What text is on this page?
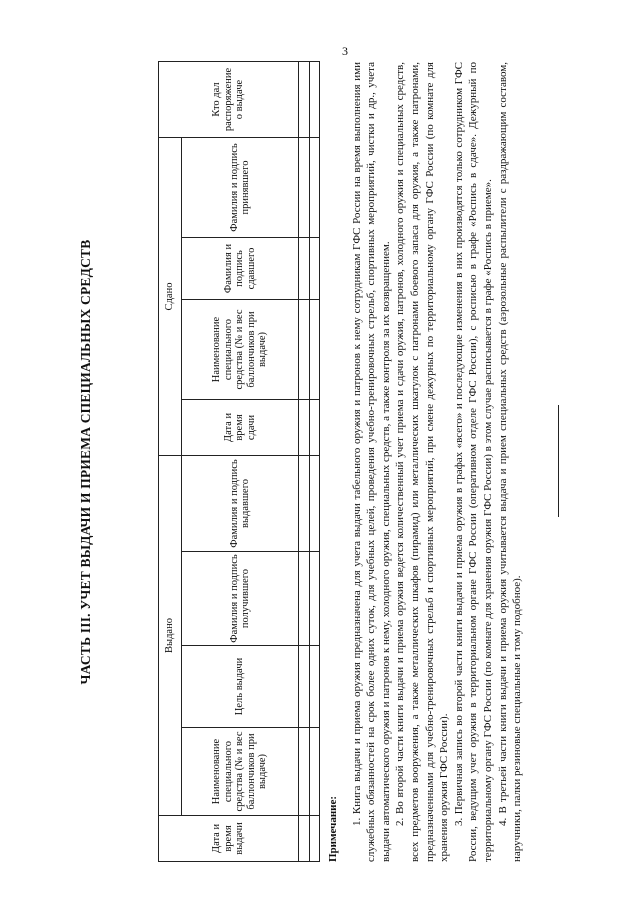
3
ЧАСТЬ III. УЧЕТ ВЫДАЧИ И ПРИЕМА СПЕЦИАЛЬНЫХ СРЕДСТВ
Дата и время выдачи	Выдано				Сдано				Кто дал распоряжение о выдаче
	Наименование специального средства (№ и вес баллончиков при выдаче)	Цель выдачи	Фамилия и подпись получившего	Фамилия и подпись выдавшего	Дата и время сдачи	Наименование специального средства (№ и вес баллончиков при выдаче)	Фамилия и подпись сдавшего	Фамилия и подпись принявшего	

Примечание:

1. Книга выдачи и приема оружия предназначена для учета выдачи табельного оружия и патронов к нему сотрудникам ГФС России на время выполнения ими служебных обязанностей на срок более одних суток, для учебных целей, проведения учебно-тренировочных стрельб, спортивных мероприятий, чистки и др., учета выдачи автоматического оружия и патронов к нему, холодного оружия, специальных средств, а также контроля за их возвращением. 2. Во второй части книги выдачи и приема оружия ведется количественный учет приема и сдачи оружия, патронов, холодного оружия и специальных средств, всех предметов вооружения, а также металлических шкафов (пирамид) или металлических шкатулок с патронами боевого запаса для оружия, а также патронами, предназначенными для учебно-тренировочных стрельб и спортивных мероприятий, при смене дежурных по территориальному органу ГФС России (по комнате для хранения оружия ГФС России). 3. Первичная запись во второй части книги выдачи и приема оружия в графах «всего» и последующие изменения в них производятся только сотрудником ГФС России, ведущим учет оружия в территориальном органе ГФС России (оперативном отделе ГФС России), с росписью в графе «Роспись в сдаче». Дежурный по территориальному органу ГФС России (по комнате для хранения оружия ГФС России) в этом случае расписывается в графе «Роспись в приеме». 4. В третьей части книги выдачи и приема оружия учитывается выдача и прием специальных средств (аэрозольные распылители с раздражающим составом, наручники, палки резиновые специальные и тому подобное).
